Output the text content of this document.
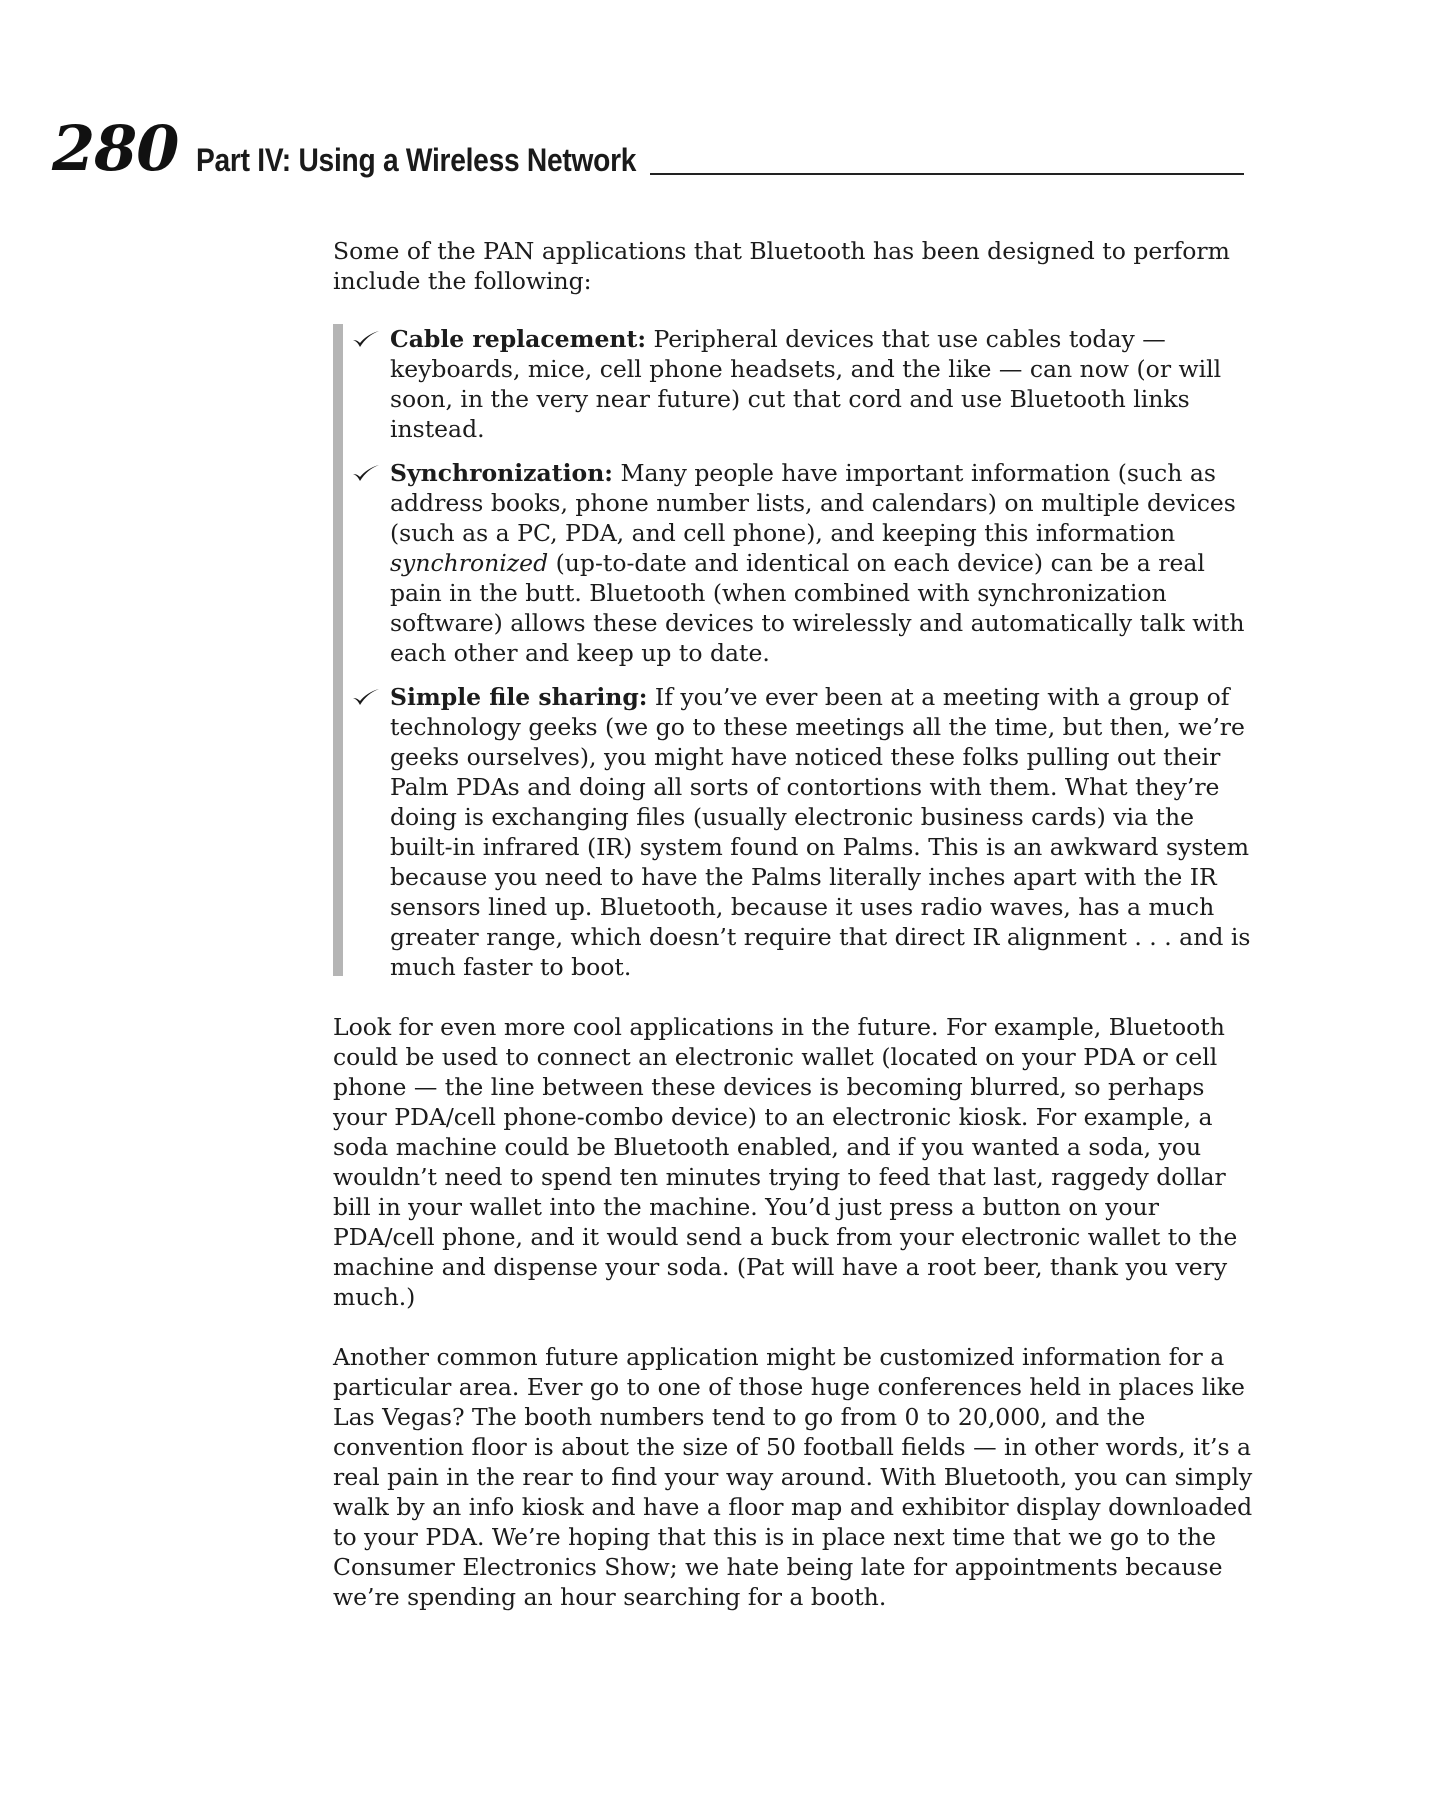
280 Part IV: Using a Wireless Network

Some of the PAN applications that Bluetooth has been designed to perform include the following:

Cable replacement: Peripheral devices that use cables today — keyboards, mice, cell phone headsets, and the like — can now (or will soon, in the very near future) cut that cord and use Bluetooth links instead.
Synchronization: Many people have important information (such as address books, phone number lists, and calendars) on multiple devices (such as a PC, PDA, and cell phone), and keeping this information synchronized (up-to-date and identical on each device) can be a real pain in the butt. Bluetooth (when combined with synchronization software) allows these devices to wirelessly and automatically talk with each other and keep up to date.
Simple file sharing: If you’ve ever been at a meeting with a group of technology geeks (we go to these meetings all the time, but then, we’re geeks ourselves), you might have noticed these folks pulling out their Palm PDAs and doing all sorts of contortions with them. What they’re doing is exchanging files (usually electronic business cards) via the built-in infrared (IR) system found on Palms. This is an awkward system because you need to have the Palms literally inches apart with the IR sensors lined up. Bluetooth, because it uses radio waves, has a much greater range, which doesn’t require that direct IR alignment . . . and is much faster to boot.

Look for even more cool applications in the future. For example, Bluetooth could be used to connect an electronic wallet (located on your PDA or cell phone — the line between these devices is becoming blurred, so perhaps your PDA/cell phone-combo device) to an electronic kiosk. For example, a soda machine could be Bluetooth enabled, and if you wanted a soda, you wouldn’t need to spend ten minutes trying to feed that last, raggedy dollar bill in your wallet into the machine. You’d just press a button on your PDA/cell phone, and it would send a buck from your electronic wallet to the machine and dispense your soda. (Pat will have a root beer, thank you very much.)

Another common future application might be customized information for a particular area. Ever go to one of those huge conferences held in places like Las Vegas? The booth numbers tend to go from 0 to 20,000, and the convention floor is about the size of 50 football fields — in other words, it’s a real pain in the rear to find your way around. With Bluetooth, you can simply walk by an info kiosk and have a floor map and exhibitor display downloaded to your PDA. We’re hoping that this is in place next time that we go to the Consumer Electronics Show; we hate being late for appointments because we’re spending an hour searching for a booth.
